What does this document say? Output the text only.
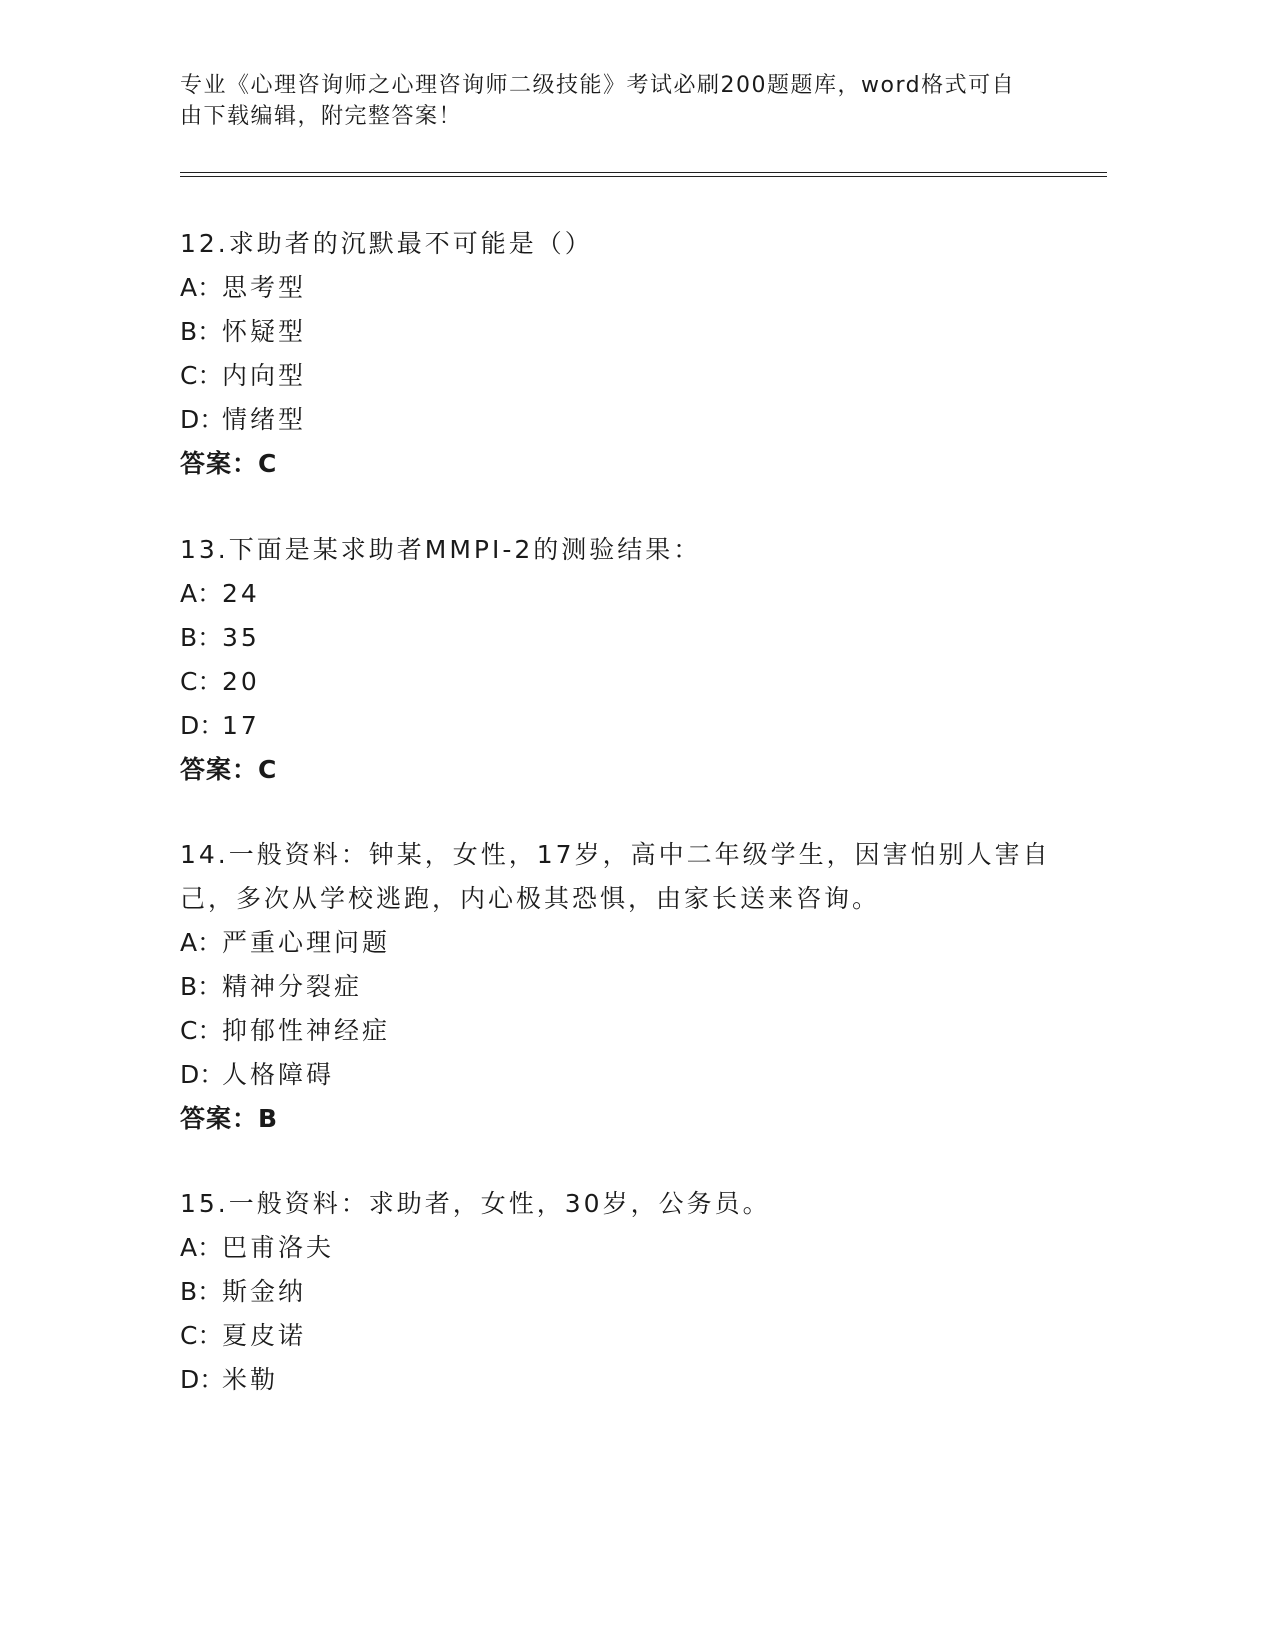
专业《心理咨询师之心理咨询师二级技能》考试必刷200题题库，word格式可自
由下载编辑，附完整答案！
12.求助者的沉默最不可能是（）
A：思考型
B：怀疑型
C：内向型
D：情绪型
答案：C
13.下面是某求助者MMPI-2的测验结果：
A：24
B：35
C：20
D：17
答案：C
14.一般资料：钟某，女性，17岁，高中二年级学生，因害怕别人害自
己，多次从学校逃跑，内心极其恐惧，由家长送来咨询。
A：严重心理问题
B：精神分裂症
C：抑郁性神经症
D：人格障碍
答案：B
15.一般资料：求助者，女性，30岁，公务员。
A：巴甫洛夫
B：斯金纳
C：夏皮诺
D：米勒
